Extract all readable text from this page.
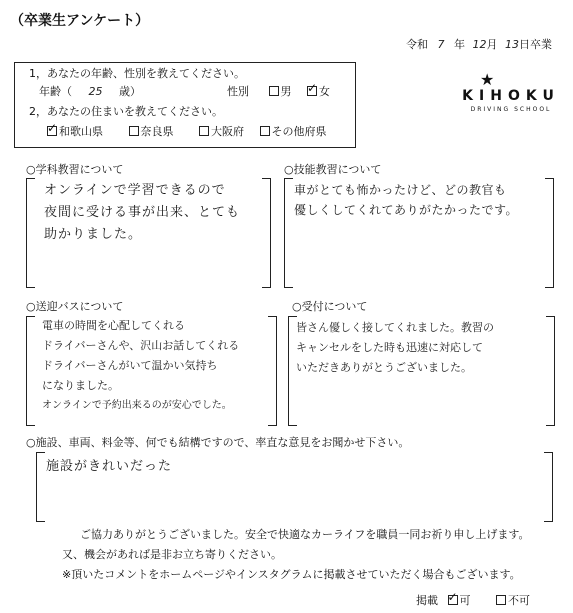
（卒業生アンケート）
令和 7 年 12月 13日卒業
★
KIHOKU
DRIVING SCHOOL
1，あなたの年齢、性別を教えてください。
年齢（ 25 歳）	性別	男 ✓ 女
2，あなたの住まいを教えてください。
✓ 和歌山県	奈良県	大阪府	その他府県
○学科教習について
オンラインで学習できるので
夜間に受ける事が出来、とても
助かりました。
○技能教習について
車がとても怖かったけど、どの教官も
優しくしてくれてありがたかったです。
○送迎バスについて
電車の時間を心配してくれる
ドライバーさんや、沢山お話してくれる
ドライバーさんがいて温かい気持ち
になりました。
オンラインで予約出来るのが安心でした。
○受付について
皆さん優しく接してくれました。教習の
キャンセルをした時も迅速に対応して
いただきありがとうございました。
○施設、車両、料金等、何でも結構ですので、率直な意見をお聞かせ下さい。
施設がきれいだった
ご協力ありがとうございました。安全で快適なカーライフを職員一同お祈り申し上げます。
又、機会があれば是非お立ち寄りください。
※頂いたコメントをホームページやインスタグラムに掲載させていただく場合もございます。
掲載 ✓ 可	不可
